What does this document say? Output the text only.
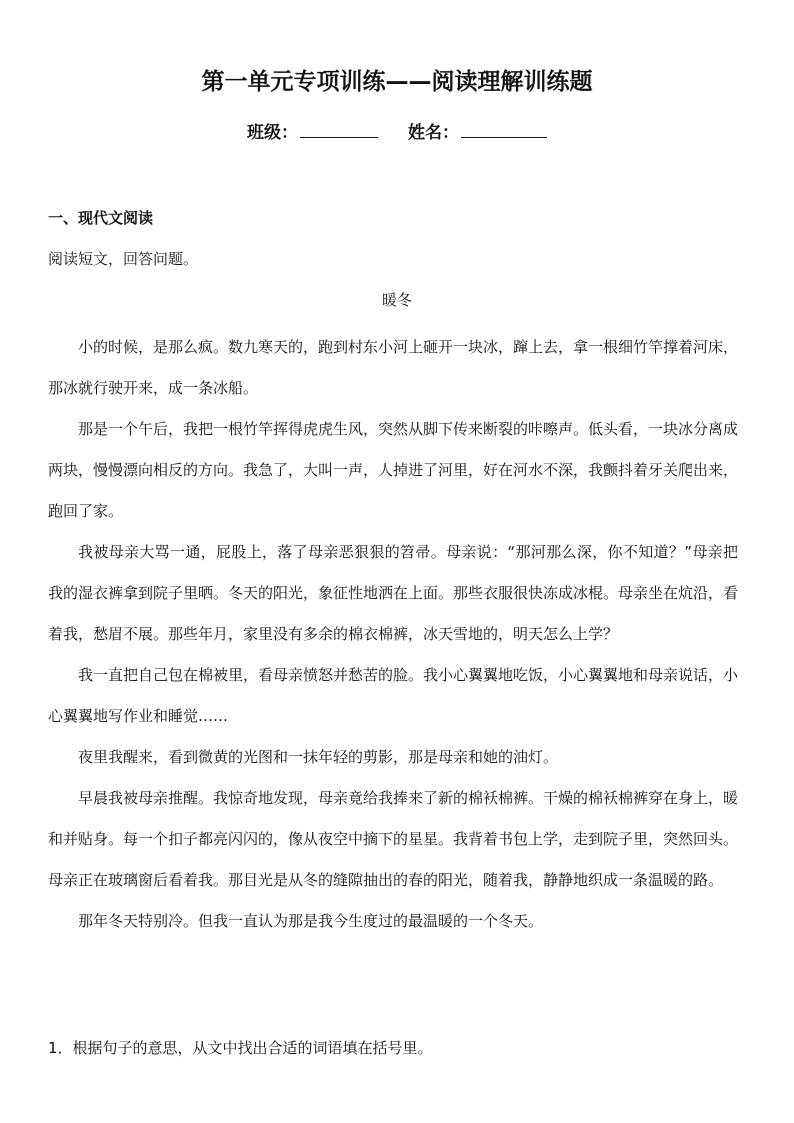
第一单元专项训练——阅读理解训练题
班级：	姓名：
一、现代文阅读
阅读短文，回答问题。
暖冬

小的时候，是那么疯。数九寒天的，跑到村东小河上砸开一块冰，蹿上去，拿一根细竹竿撑着河床，那冰就行驶开来，成一条冰船。

那是一个午后，我把一根竹竿挥得虎虎生风，突然从脚下传来断裂的咔嚓声。低头看，一块冰分离成两块，慢慢漂向相反的方向。我急了，大叫一声，人掉进了河里，好在河水不深，我颤抖着牙关爬出来，跑回了家。

我被母亲大骂一通，屁股上，落了母亲恶狠狠的笤帚。母亲说：“那河那么深，你不知道？”母亲把我的湿衣裤拿到院子里晒。冬天的阳光，象征性地洒在上面。那些衣服很快冻成冰棍。母亲坐在炕沿，看着我，愁眉不展。那些年月，家里没有多余的棉衣棉裤，冰天雪地的，明天怎么上学？

我一直把自己包在棉被里，看母亲愤怒并愁苦的脸。我小心翼翼地吃饭，小心翼翼地和母亲说话，小心翼翼地写作业和睡觉……

夜里我醒来，看到微黄的光图和一抹年轻的剪影，那是母亲和她的油灯。

早晨我被母亲推醒。我惊奇地发现，母亲竟给我捧来了新的棉袄棉裤。干燥的棉袄棉裤穿在身上，暖和并贴身。每一个扣子都亮闪闪的，像从夜空中摘下的星星。我背着书包上学，走到院子里，突然回头。母亲正在玻璃窗后看着我。那目光是从冬的缝隙抽出的春的阳光，随着我，静静地织成一条温暖的路。

那年冬天特别冷。但我一直认为那是我今生度过的最温暖的一个冬天。

1．根据句子的意思，从文中找出合适的词语填在括号里。
